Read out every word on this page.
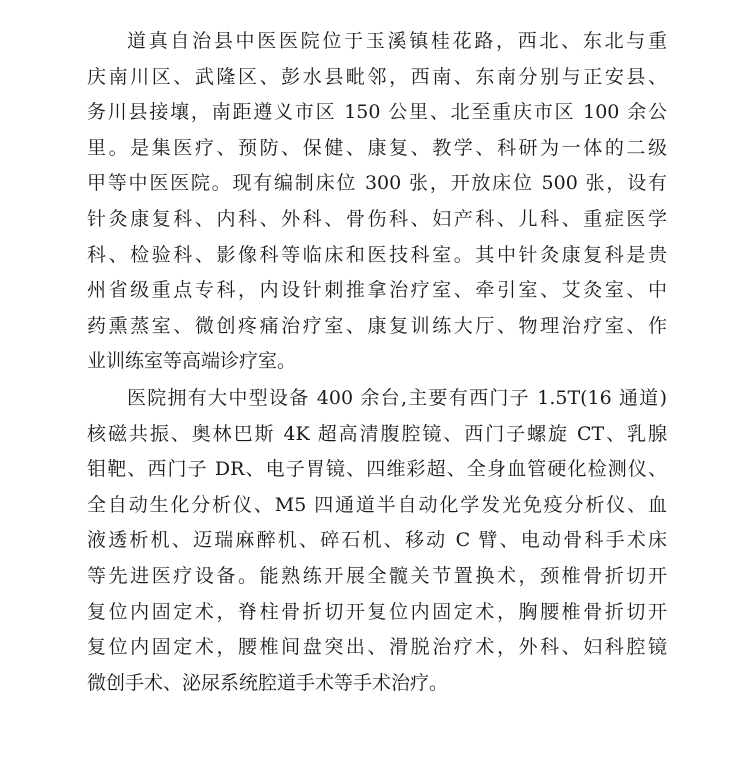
道真自治县中医医院位于玉溪镇桂花路，西北、东北与重
庆南川区、武隆区、彭水县毗邻，西南、东南分别与正安县、
务川县接壤，南距遵义市区 150 公里、北至重庆市区 100 余公
里。是集医疗、预防、保健、康复、教学、科研为一体的二级
甲等中医医院。现有编制床位 300 张，开放床位 500 张，设有
针灸康复科、内科、外科、骨伤科、妇产科、儿科、重症医学
科、检验科、影像科等临床和医技科室。其中针灸康复科是贵
州省级重点专科，内设针刺推拿治疗室、牵引室、艾灸室、中
药熏蒸室、微创疼痛治疗室、康复训练大厅、物理治疗室、作
业训练室等高端诊疗室。

医院拥有大中型设备 400 余台,主要有西门子 1.5T(16 通道)
核磁共振、奥林巴斯 4K 超高清腹腔镜、西门子螺旋 CT、乳腺
钼靶、西门子 DR、电子胃镜、四维彩超、全身血管硬化检测仪、
全自动生化分析仪、M5 四通道半自动化学发光免疫分析仪、血
液透析机、迈瑞麻醉机、碎石机、移动 C 臂、电动骨科手术床
等先进医疗设备。能熟练开展全髋关节置换术，颈椎骨折切开
复位内固定术，脊柱骨折切开复位内固定术，胸腰椎骨折切开
复位内固定术，腰椎间盘突出、滑脱治疗术，外科、妇科腔镜
微创手术、泌尿系统腔道手术等手术治疗。
